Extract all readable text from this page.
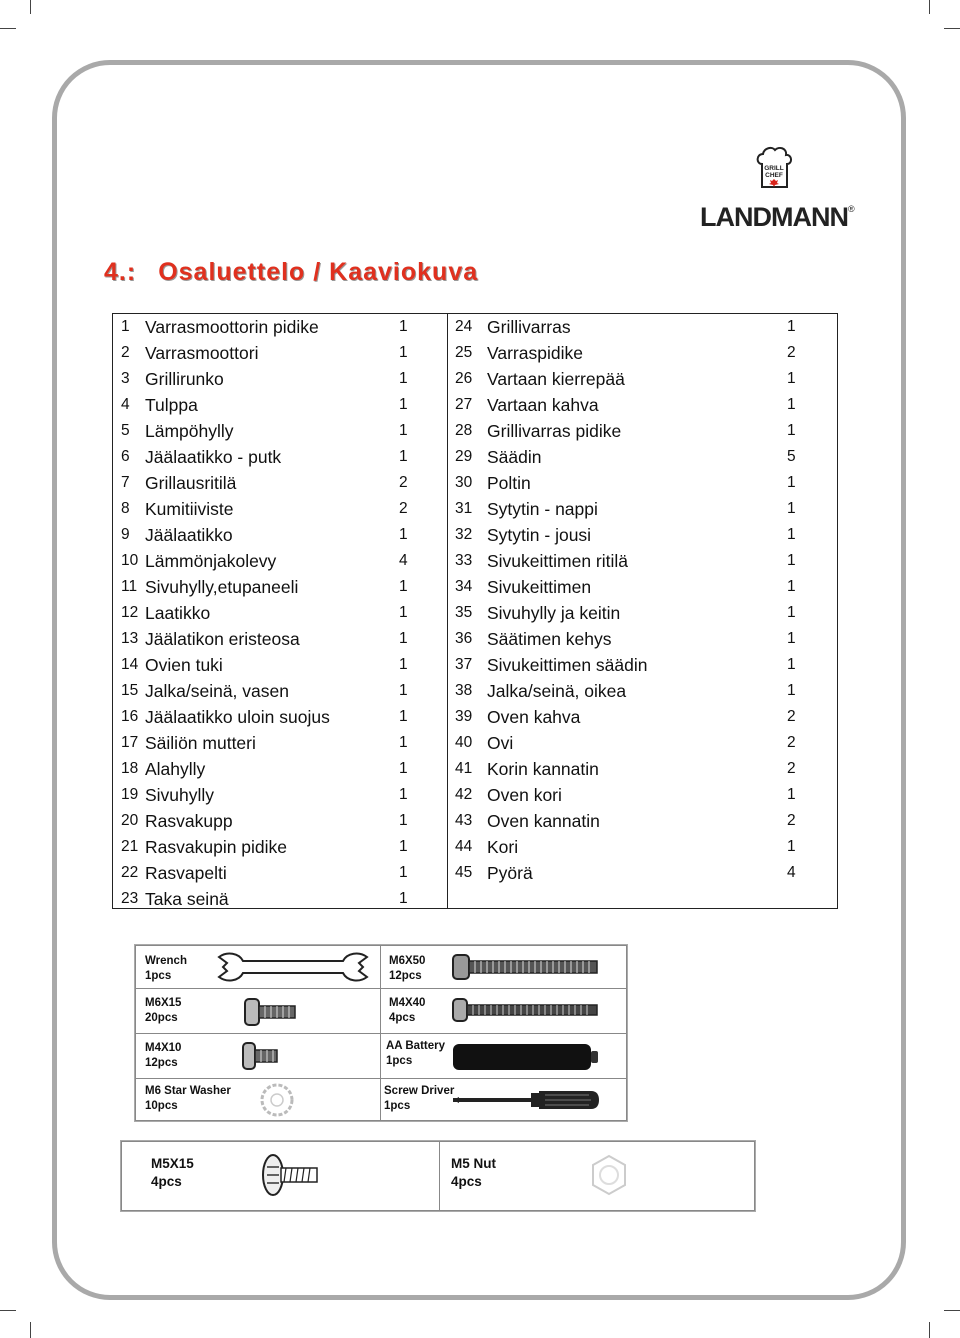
GRILL
CHEF
LANDMANN®
4.: Osaluettelo / Kaaviokuva
1 Varrasmoottorin pidike	1
2 Varrasmoottori	1
3 Grillirunko	1
4 Tulppa	1
5 Lämpöhylly	1
6 Jäälaatikko - putk	1
7 Grillausritilä	2
8 Kumitiiviste	2
9 Jäälaatikko	1
10 Lämmönjakolevy	4
11 Sivuhylly,etupaneeli	1
12 Laatikko	1
13 Jäälatikon eristeosa	1
14 Ovien tuki	1
15 Jalka/seinä, vasen	1
16 Jäälaatikko uloin suojus	1
17 Säiliön mutteri	1
18 Alahylly	1
19 Sivuhylly	1
20 Rasvakupp	1
21 Rasvakupin pidike	1
22 Rasvapelti	1
23 Taka seinä	1
24 Grillivarras	1
25 Varraspidike	2
26 Vartaan kierrepää	1
27 Vartaan kahva	1
28 Grillivarras pidike	1
29 Säädin	5
30 Poltin	1
31 Sytytin - nappi	1
32 Sytytin - jousi	1
33 Sivukeittimen ritilä	1
34 Sivukeittimen	1
35 Sivuhylly ja keitin	1
36 Säätimen kehys	1
37 Sivukeittimen säädin	1
38 Jalka/seinä, oikea	1
39 Oven kahva	2
40 Ovi	2
41 Korin kannatin	2
42 Oven kori	1
43 Oven kannatin	2
44 Kori	1
45 Pyörä	4
Wrench
1pcs
M6X50
12pcs
M6X15
20pcs
M4X40
4pcs
M4X10
12pcs
AA Battery
1pcs
M6 Star Washer
10pcs
Screw Driver
1pcs
M5X15
4pcs
M5 Nut
4pcs
